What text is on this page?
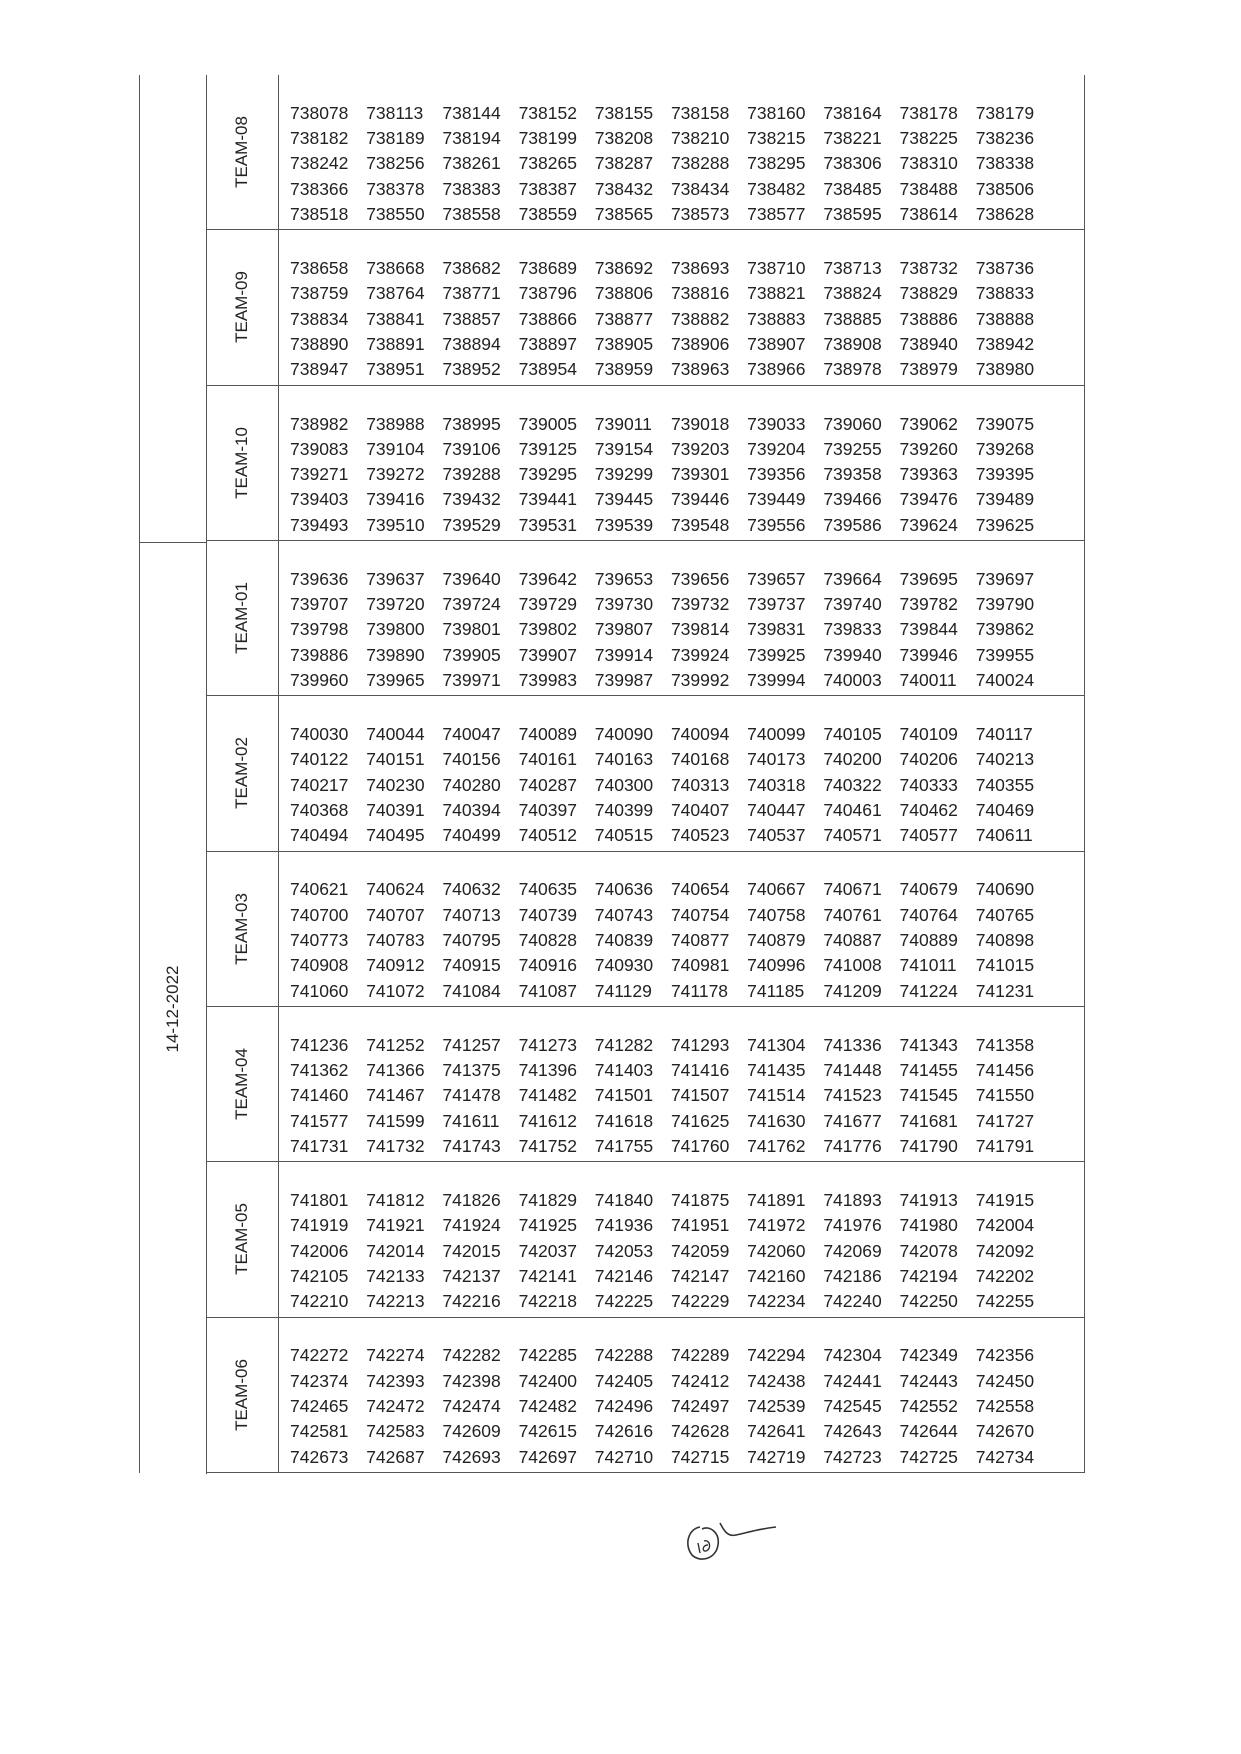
14-12-2022
TEAM-08
738078	738113	738144	738152	738155	738158	738160	738164	738178	738179
738182	738189	738194	738199	738208	738210	738215	738221	738225	738236
738242	738256	738261	738265	738287	738288	738295	738306	738310	738338
738366	738378	738383	738387	738432	738434	738482	738485	738488	738506
738518	738550	738558	738559	738565	738573	738577	738595	738614	738628
TEAM-09
738658	738668	738682	738689	738692	738693	738710	738713	738732	738736
738759	738764	738771	738796	738806	738816	738821	738824	738829	738833
738834	738841	738857	738866	738877	738882	738883	738885	738886	738888
738890	738891	738894	738897	738905	738906	738907	738908	738940	738942
738947	738951	738952	738954	738959	738963	738966	738978	738979	738980
TEAM-10
738982	738988	738995	739005	739011	739018	739033	739060	739062	739075
739083	739104	739106	739125	739154	739203	739204	739255	739260	739268
739271	739272	739288	739295	739299	739301	739356	739358	739363	739395
739403	739416	739432	739441	739445	739446	739449	739466	739476	739489
739493	739510	739529	739531	739539	739548	739556	739586	739624	739625
TEAM-01
739636	739637	739640	739642	739653	739656	739657	739664	739695	739697
739707	739720	739724	739729	739730	739732	739737	739740	739782	739790
739798	739800	739801	739802	739807	739814	739831	739833	739844	739862
739886	739890	739905	739907	739914	739924	739925	739940	739946	739955
739960	739965	739971	739983	739987	739992	739994	740003	740011	740024
TEAM-02
740030	740044	740047	740089	740090	740094	740099	740105	740109	740117
740122	740151	740156	740161	740163	740168	740173	740200	740206	740213
740217	740230	740280	740287	740300	740313	740318	740322	740333	740355
740368	740391	740394	740397	740399	740407	740447	740461	740462	740469
740494	740495	740499	740512	740515	740523	740537	740571	740577	740611
TEAM-03
740621	740624	740632	740635	740636	740654	740667	740671	740679	740690
740700	740707	740713	740739	740743	740754	740758	740761	740764	740765
740773	740783	740795	740828	740839	740877	740879	740887	740889	740898
740908	740912	740915	740916	740930	740981	740996	741008	741011	741015
741060	741072	741084	741087	741129	741178	741185	741209	741224	741231
TEAM-04
741236	741252	741257	741273	741282	741293	741304	741336	741343	741358
741362	741366	741375	741396	741403	741416	741435	741448	741455	741456
741460	741467	741478	741482	741501	741507	741514	741523	741545	741550
741577	741599	741611	741612	741618	741625	741630	741677	741681	741727
741731	741732	741743	741752	741755	741760	741762	741776	741790	741791
TEAM-05
741801	741812	741826	741829	741840	741875	741891	741893	741913	741915
741919	741921	741924	741925	741936	741951	741972	741976	741980	742004
742006	742014	742015	742037	742053	742059	742060	742069	742078	742092
742105	742133	742137	742141	742146	742147	742160	742186	742194	742202
742210	742213	742216	742218	742225	742229	742234	742240	742250	742255
TEAM-06
742272	742274	742282	742285	742288	742289	742294	742304	742349	742356
742374	742393	742398	742400	742405	742412	742438	742441	742443	742450
742465	742472	742474	742482	742496	742497	742539	742545	742552	742558
742581	742583	742609	742615	742616	742628	742641	742643	742644	742670
742673	742687	742693	742697	742710	742715	742719	742723	742725	742734
